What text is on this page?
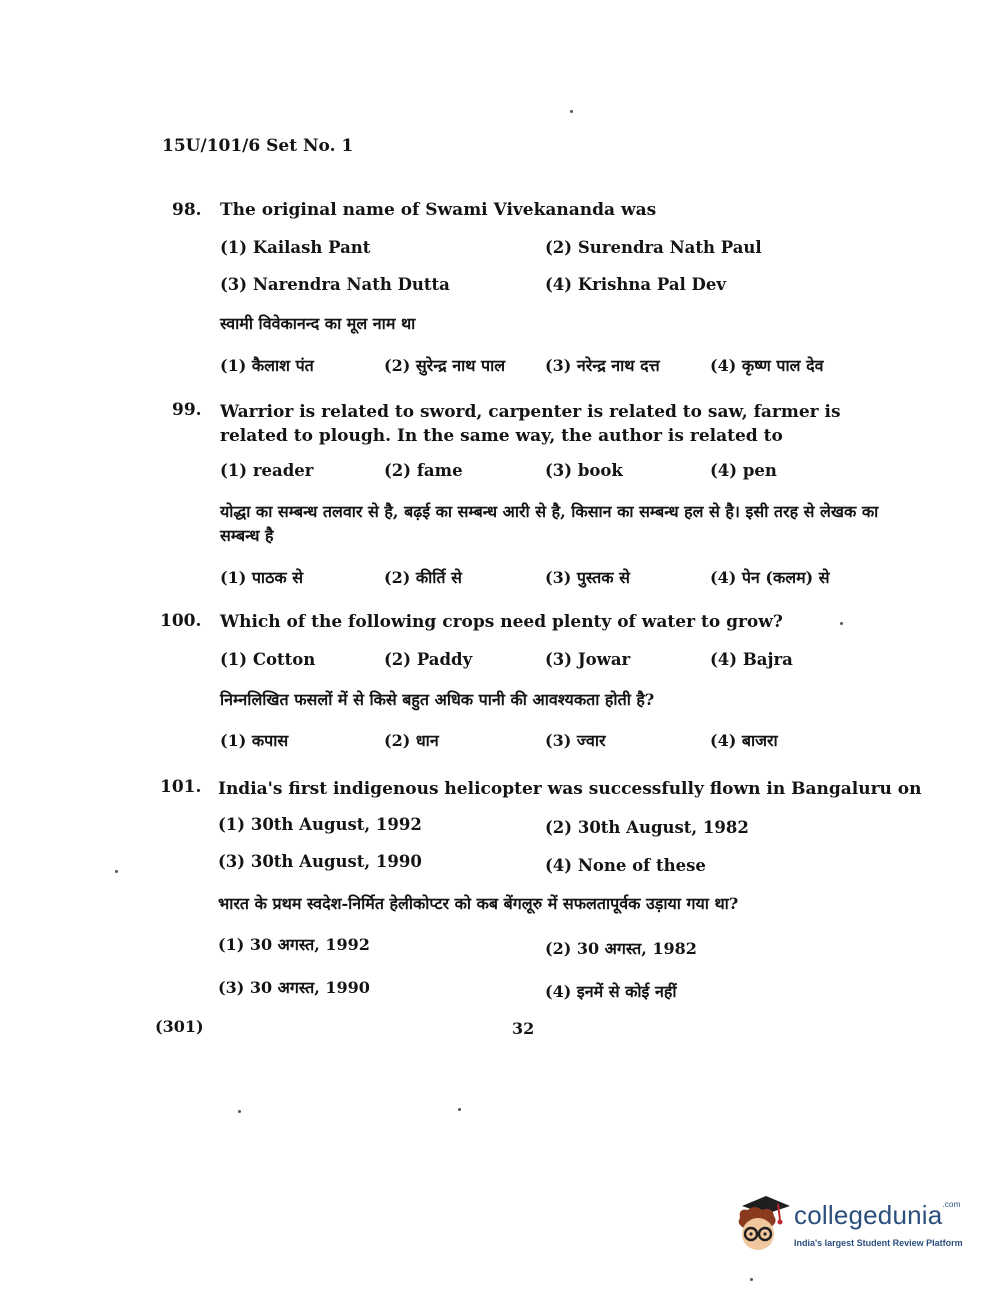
15U/101/6 Set No. 1
98. The original name of Swami Vivekananda was
(1) Kailash Pant	(2) Surendra Nath Paul
(3) Narendra Nath Dutta	(4) Krishna Pal Dev
स्वामी विवेकानन्द का मूल नाम था
(1) कैलाश पंत	(2) सुरेन्द्र नाथ पाल (3) नरेन्द्र नाथ दत्त	(4) कृष्ण पाल देव
99. Warrior is related to sword, carpenter is related to saw, farmer is related to plough. In the same way, the author is related to
(1) reader	(2) fame	(3) book	(4) pen
योद्धा का सम्बन्ध तलवार से है, बढ़ई का सम्बन्ध आरी से है, किसान का सम्बन्ध हल से है। इसी तरह से लेखक का सम्बन्ध है
(1) पाठक से	(2) कीर्ति से	(3) पुस्तक से	(4) पेन (कलम) से
100. Which of the following crops need plenty of water to grow?
(1) Cotton	(2) Paddy	(3) Jowar	(4) Bajra
निम्नलिखित फसलों में से किसे बहुत अधिक पानी की आवश्यकता होती है?
(1) कपास	(2) धान	(3) ज्वार	(4) बाजरा
101. India's first indigenous helicopter was successfully flown in Bangaluru on
(1) 30th August, 1992	(2) 30th August, 1982
(3) 30th August, 1990	(4) None of these
भारत के प्रथम स्वदेश-निर्मित हेलीकोप्टर को कब बेंगलूरु में सफलतापूर्वक उड़ाया गया था?
(1) 30 अगस्त, 1992	(2) 30 अगस्त, 1982
(3) 30 अगस्त, 1990	(4) इनमें से कोई नहीं
(301)	32
collegedunia$^{.com}$
India's largest Student Review Platform
